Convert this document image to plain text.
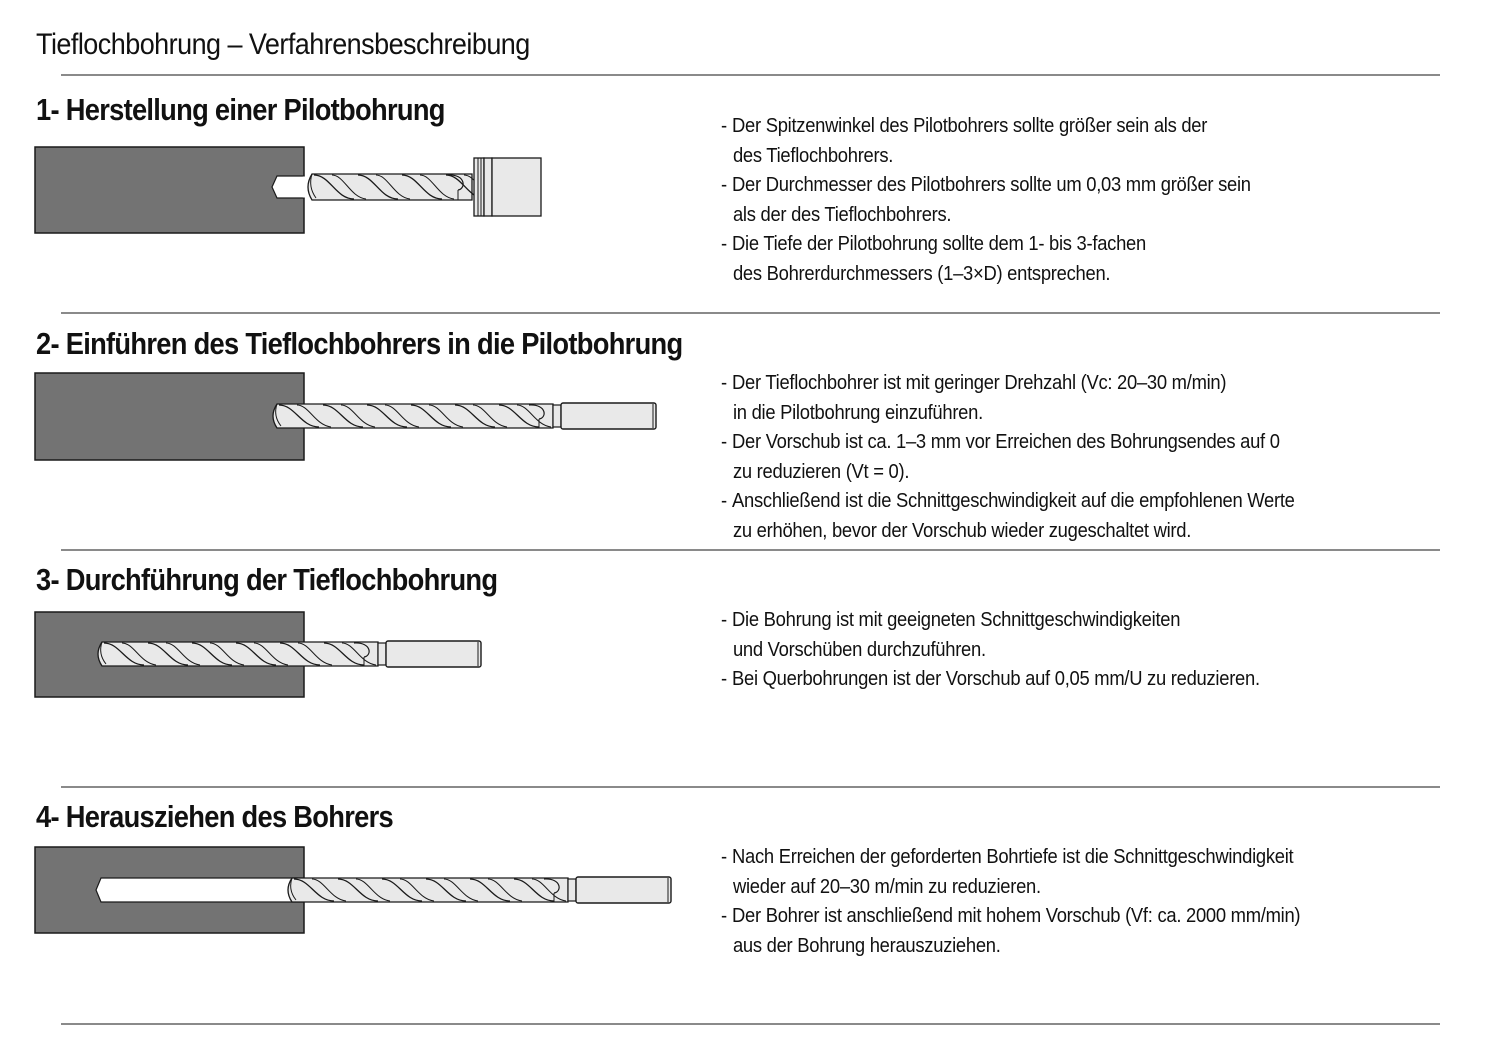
Tieflochbohrung – Verfahrensbeschreibung
1- Herstellung einer Pilotbohrung	- Der Spitzenwinkel des Pilotbohrers sollte größer sein als der
des Tieflochbohrers.
- Der Durchmesser des Pilotbohrers sollte um 0,03 mm größer sein
als der des Tieflochbohrers.
- Die Tiefe der Pilotbohrung sollte dem 1- bis 3-fachen
des Bohrerdurchmessers (1–3×D) entsprechen.
2- Einführen des Tieflochbohrers in die Pilotbohrung
- Der Tieflochbohrer ist mit geringer Drehzahl (Vc: 20–30 m/min)
in die Pilotbohrung einzuführen.
- Der Vorschub ist ca. 1–3 mm vor Erreichen des Bohrungsendes auf 0
zu reduzieren (Vt = 0).
- Anschließend ist die Schnittgeschwindigkeit auf die empfohlenen Werte
zu erhöhen, bevor der Vorschub wieder zugeschaltet wird.
3- Durchführung der Tieflochbohrung
- Die Bohrung ist mit geeigneten Schnittgeschwindigkeiten
und Vorschüben durchzuführen.
- Bei Querbohrungen ist der Vorschub auf 0,05 mm/U zu reduzieren.
4- Herausziehen des Bohrers
- Nach Erreichen der geforderten Bohrtiefe ist die Schnittgeschwindigkeit
wieder auf 20–30 m/min zu reduzieren.
- Der Bohrer ist anschließend mit hohem Vorschub (Vf: ca. 2000 mm/min)
aus der Bohrung herauszuziehen.
